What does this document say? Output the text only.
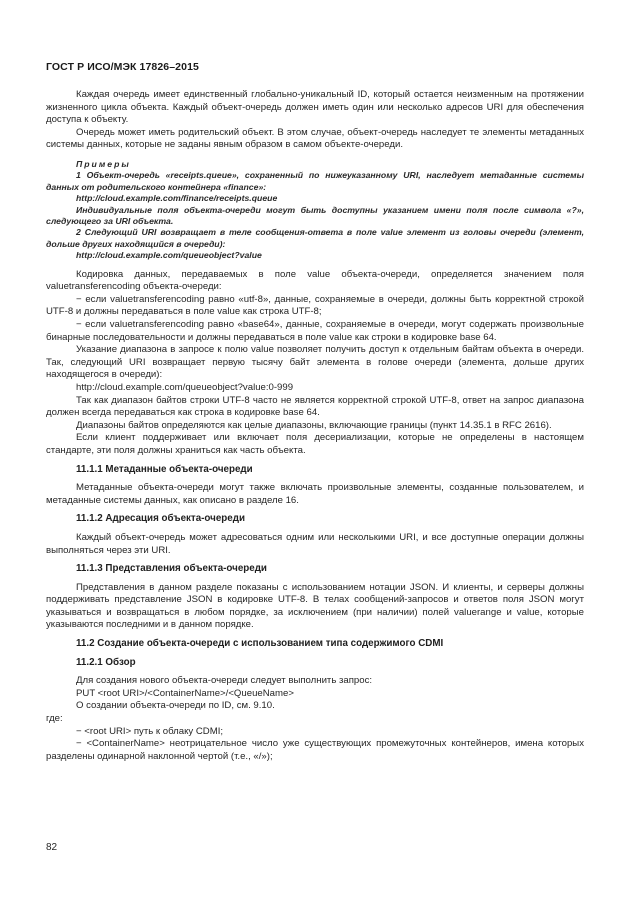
ГОСТ Р ИСО/МЭК 17826–2015

Каждая очередь имеет единственный глобально-уникальный ID, который остается неизменным на протяжении жизненного цикла объекта. Каждый объект-очередь должен иметь один или несколько адресов URI для обеспечения доступа к объекту.

Очередь может иметь родительский объект. В этом случае, объект-очередь наследует те элементы метаданных системы данных, которые не заданы явным образом в самом объекте-очереди.

Примеры

1 Объект-очередь «receipts.queue», сохраненный по нижеуказанному URI, наследует метаданные системы данных от родительского контейнера «finance»:

http://cloud.example.com/finance/receipts.queue

Индивидуальные поля объекта-очереди могут быть доступны указанием имени поля после символа «?», следующего за URI объекта.

2 Следующий URI возвращает в теле сообщения-ответа в поле value элемент из головы очереди (элемент, дольше других находящийся в очереди):

http://cloud.example.com/queueobject?value

Кодировка данных, передаваемых в поле value объекта-очереди, определяется значением поля valuetransferencoding объекта-очереди:

− если valuetransferencoding равно «utf-8», данные, сохраняемые в очереди, должны быть корректной строкой UTF-8 и должны передаваться в поле value как строка UTF-8;

− если valuetransferencoding равно «base64», данные, сохраняемые в очереди, могут содержать произвольные бинарные последовательности и должны передаваться в поле value как строки в кодировке base 64.

Указание диапазона в запросе к полю value позволяет получить доступ к отдельным байтам объекта в очереди. Так, следующий URI возвращает первую тысячу байт элемента в голове очереди (элемента, дольше других находящегося в очереди):

http://cloud.example.com/queueobject?value:0-999

Так как диапазон байтов строки UTF-8 часто не является корректной строкой UTF-8, ответ на запрос диапазона должен всегда передаваться как строка в кодировке base 64.

Диапазоны байтов определяются как целые диапазоны, включающие границы (пункт 14.35.1 в RFC 2616).

Если клиент поддерживает или включает поля десериализации, которые не определены в настоящем стандарте, эти поля должны храниться как часть объекта.

11.1.1 Метаданные объекта-очереди

Метаданные объекта-очереди могут также включать произвольные элементы, созданные пользователем, и метаданные системы данных, как описано в разделе 16.

11.1.2 Адресация объекта-очереди

Каждый объект-очередь может адресоваться одним или несколькими URI, и все доступные операции должны выполняться через эти URI.

11.1.3 Представления объекта-очереди

Представления в данном разделе показаны с использованием нотации JSON. И клиенты, и серверы должны поддерживать представление JSON в кодировке UTF-8. В телах сообщений-запросов и ответов поля JSON могут указываться и возвращаться в любом порядке, за исключением (при наличии) полей valuerange и value, которые указываются последними и в данном порядке.

11.2 Создание объекта-очереди с использованием типа содержимого CDMI
11.2.1 Обзор

Для создания нового объекта-очереди следует выполнить запрос:

PUT <root URI>/<ContainerName>/<QueueName>

О создании объекта-очереди по ID, см. 9.10.

где:

− <root URI> путь к облаку CDMI;

− <ContainerName> неотрицательное число уже существующих промежуточных контейнеров, имена которых разделены одинарной наклонной чертой (т.е., «/»);

82
